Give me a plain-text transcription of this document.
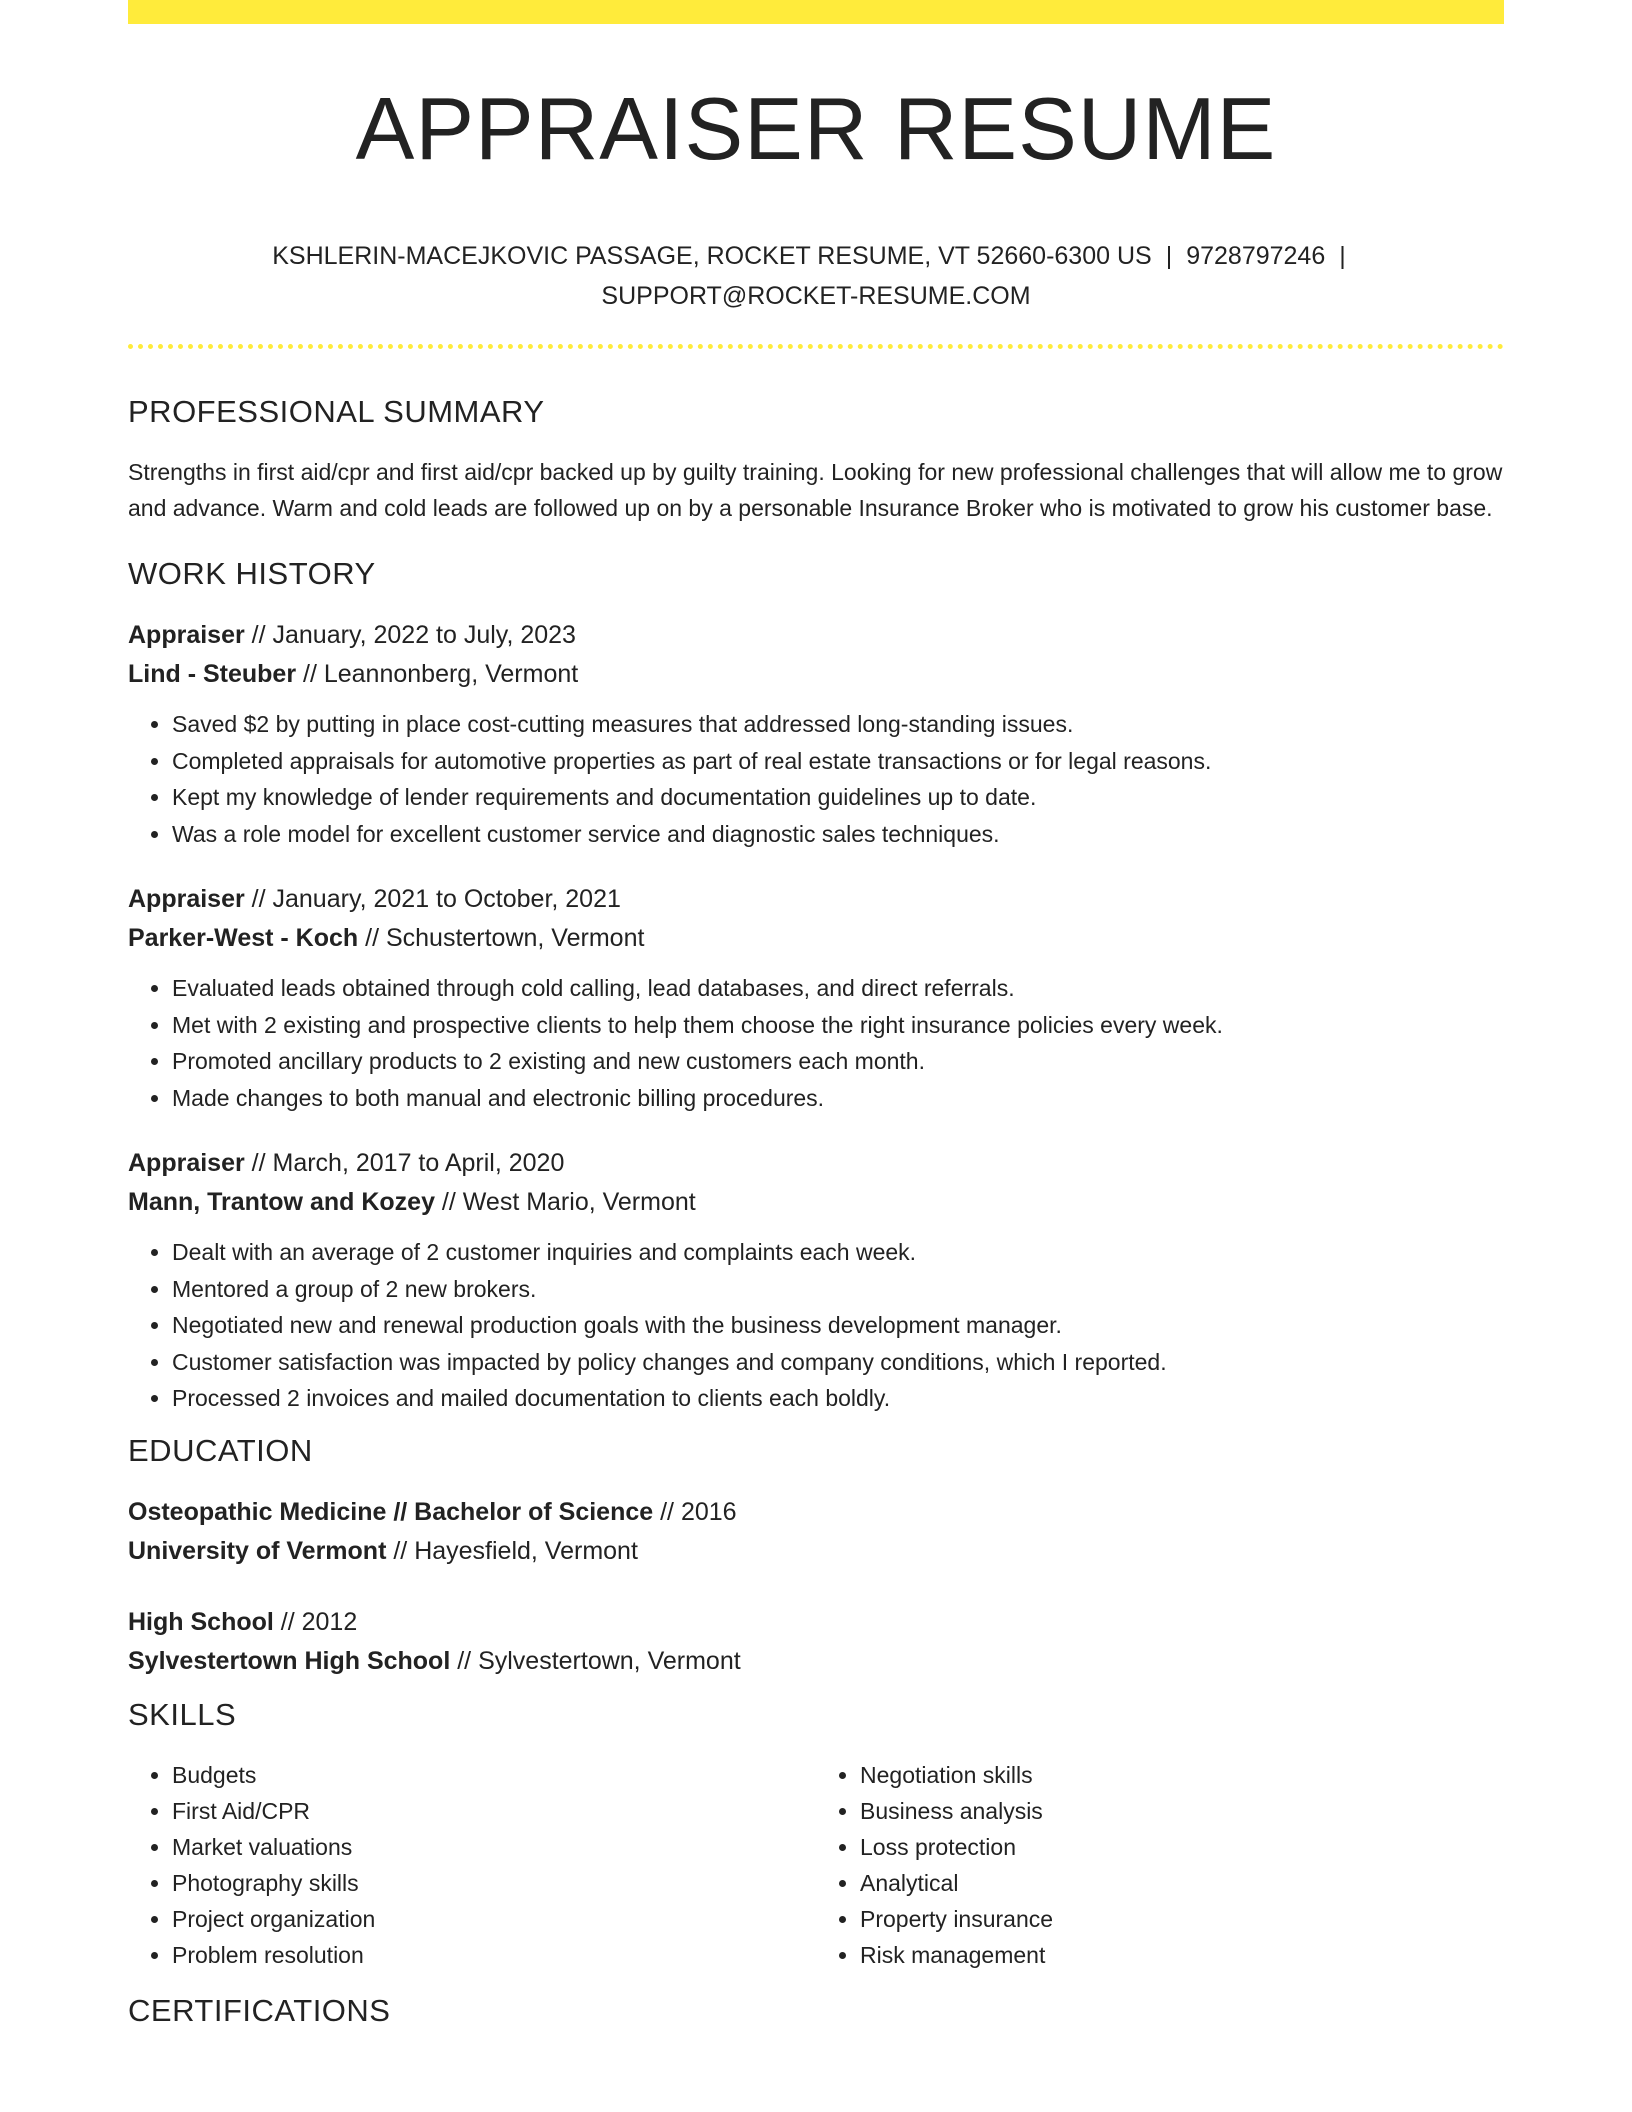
APPRAISER RESUME
KSHLERIN-MACEJKOVIC PASSAGE, ROCKET RESUME, VT 52660-6300 US | 9728797246 |
SUPPORT@ROCKET-RESUME.COM
PROFESSIONAL SUMMARY

Strengths in first aid/cpr and first aid/cpr backed up by guilty training. Looking for new professional challenges that will allow me to grow and advance. Warm and cold leads are followed up on by a personable Insurance Broker who is motivated to grow his customer base.

WORK HISTORY
Appraiser // January, 2022 to July, 2023
Lind - Steuber // Leannonberg, Vermont
• Saved $2 by putting in place cost-cutting measures that addressed long-standing issues.
• Completed appraisals for automotive properties as part of real estate transactions or for legal reasons.
• Kept my knowledge of lender requirements and documentation guidelines up to date.
• Was a role model for excellent customer service and diagnostic sales techniques.
Appraiser // January, 2021 to October, 2021
Parker-West - Koch // Schustertown, Vermont
• Evaluated leads obtained through cold calling, lead databases, and direct referrals.
• Met with 2 existing and prospective clients to help them choose the right insurance policies every week.
• Promoted ancillary products to 2 existing and new customers each month.
• Made changes to both manual and electronic billing procedures.
Appraiser // March, 2017 to April, 2020
Mann, Trantow and Kozey // West Mario, Vermont
• Dealt with an average of 2 customer inquiries and complaints each week.
• Mentored a group of 2 new brokers.
• Negotiated new and renewal production goals with the business development manager.
• Customer satisfaction was impacted by policy changes and company conditions, which I reported.
• Processed 2 invoices and mailed documentation to clients each boldly.
EDUCATION
Osteopathic Medicine // Bachelor of Science // 2016
University of Vermont // Hayesfield, Vermont
High School // 2012
Sylvestertown High School // Sylvestertown, Vermont
SKILLS
• Budgets
• First Aid/CPR
• Market valuations
• Photography skills
• Project organization
• Problem resolution
• Negotiation skills
• Business analysis
• Loss protection
• Analytical
• Property insurance
• Risk management
CERTIFICATIONS
